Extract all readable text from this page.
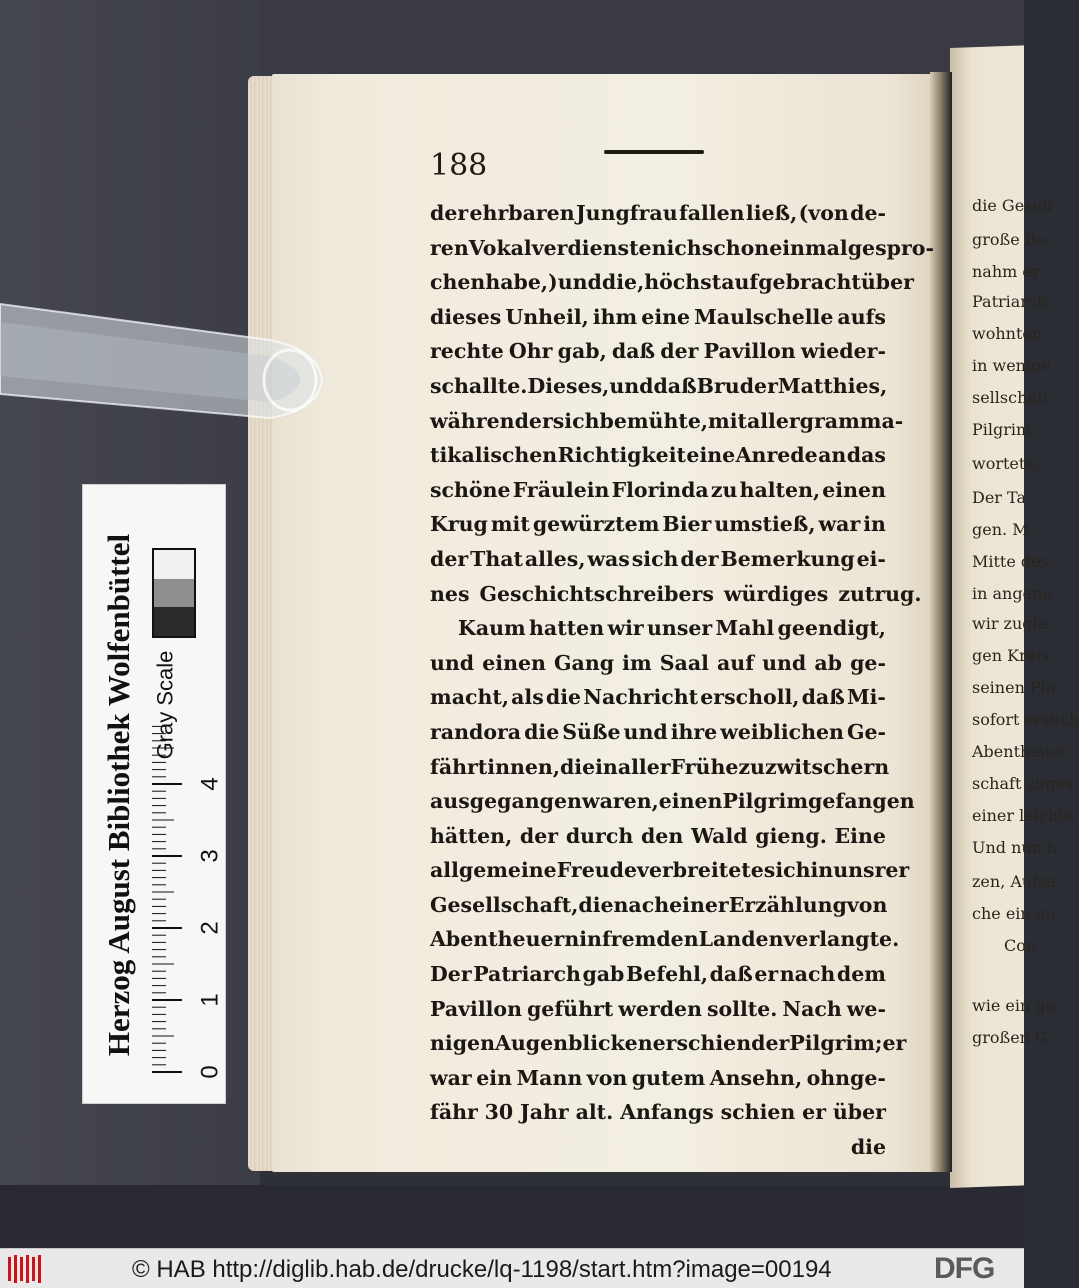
die Gesell
große Be
nahm er
Patriarch
wohnten
in wenige
sellschaft
Pilgrim
wortete.
Der Ta
gen. M
Mitte des
in angene
wir zugle
gen Kreis
seinen Pla
sofort ersuch
Abentheuer
schaft zuges
einer leichte
Und nun b
zen, Aufse
che ein au
Con
wie ein ge
großen G
188
der ehrbaren Jungfrau fallen ließ, (von de-
ren Vokalverdiensten ich schon einmal gespro-
chen habe,) und die, höchst aufgebracht über
dieses Unheil, ihm eine Maulschelle aufs
rechte Ohr gab, daß der Pavillon wieder-
schallte. Dieses, und daß Bruder Matthies,
während er sich bemühte, mit aller gramma-
tikalischen Richtigkeit eine Anrede an das
schöne Fräulein Florinda zu halten, einen
Krug mit gewürztem Bier umstieß, war in
der That alles, was sich der Bemerkung ei-
nes Geschichtschreibers würdiges zutrug.
Kaum hatten wir unser Mahl geendigt,
und einen Gang im Saal auf und ab ge-
macht, als die Nachricht erscholl, daß Mi-
randora die Süße und ihre weiblichen Ge-
fährtinnen, die in aller Frühe zu zwitschern
ausgegangen waren, einen Pilgrim gefangen
hätten, der durch den Wald gieng. Eine
allgemeine Freude verbreitete sich in unsrer
Gesellschaft, die nach einer Erzählung von
Abentheuern in fremden Landen verlangte.
Der Patriarch gab Befehl, daß er nach dem
Pavillon geführt werden sollte. Nach we-
nigen Augenblicken erschien der Pilgrim; er
war ein Mann von gutem Ansehn, ohnge-
fähr 30 Jahr alt. Anfangs schien er über
die
Herzog August Bibliothek Wolfenbüttel Gray Scale
0
1
2
3
4
© HAB http://diglib.hab.de/drucke/lq-1198/start.htm?image=00194	DFG
